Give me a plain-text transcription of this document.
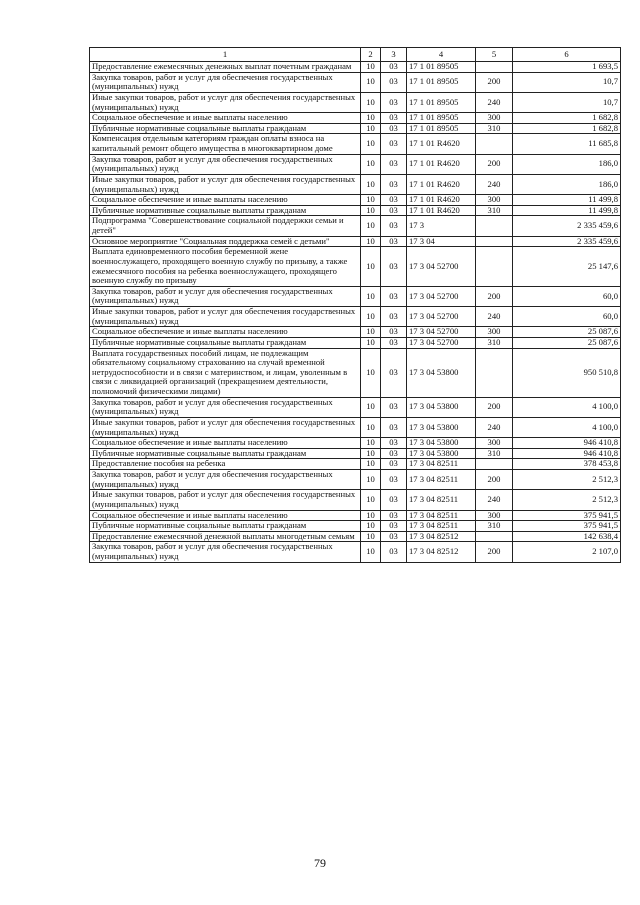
1	2	3	4	5	6
Предоставление ежемесячных денежных выплат почетным гражданам	10	03	17 1 01 89505		1 693,5
Закупка товаров, работ и услуг для обеспечения государственных (муниципальных) нужд	10	03	17 1 01 89505	200	10,7
Иные закупки товаров, работ и услуг для обеспечения государственных (муниципальных) нужд	10	03	17 1 01 89505	240	10,7
Социальное обеспечение и иные выплаты населению	10	03	17 1 01 89505	300	1 682,8
Публичные нормативные социальные выплаты гражданам	10	03	17 1 01 89505	310	1 682,8
Компенсация отдельным категориям граждан оплаты взноса на капитальный ремонт общего имущества в многоквартирном доме	10	03	17 1 01 R4620		11 685,8
Закупка товаров, работ и услуг для обеспечения государственных (муниципальных) нужд	10	03	17 1 01 R4620	200	186,0
Иные закупки товаров, работ и услуг для обеспечения государственных (муниципальных) нужд	10	03	17 1 01 R4620	240	186,0
Социальное обеспечение и иные выплаты населению	10	03	17 1 01 R4620	300	11 499,8
Публичные нормативные социальные выплаты гражданам	10	03	17 1 01 R4620	310	11 499,8
Подпрограмма "Совершенствование социальной поддержки семьи и детей"	10	03	17 3		2 335 459,6
Основное мероприятие "Социальная поддержка семей с детьми"	10	03	17 3 04		2 335 459,6
Выплата единовременного пособия беременной жене военнослужащего, проходящего военную службу по призыву, а также ежемесячного пособия на ребенка военнослужащего, проходящего военную службу по призыву	10	03	17 3 04 52700		25 147,6
Закупка товаров, работ и услуг для обеспечения государственных (муниципальных) нужд	10	03	17 3 04 52700	200	60,0
Иные закупки товаров, работ и услуг для обеспечения государственных (муниципальных) нужд	10	03	17 3 04 52700	240	60,0
Социальное обеспечение и иные выплаты населению	10	03	17 3 04 52700	300	25 087,6
Публичные нормативные социальные выплаты гражданам	10	03	17 3 04 52700	310	25 087,6
Выплата государственных пособий лицам, не подлежащим обязательному социальному страхованию на случай временной нетрудоспособности и в связи с материнством, и лицам, уволенным в связи с ликвидацией организаций (прекращением деятельности, полномочий физическими лицами)	10	03	17 3 04 53800		950 510,8
Закупка товаров, работ и услуг для обеспечения государственных (муниципальных) нужд	10	03	17 3 04 53800	200	4 100,0
Иные закупки товаров, работ и услуг для обеспечения государственных (муниципальных) нужд	10	03	17 3 04 53800	240	4 100,0
Социальное обеспечение и иные выплаты населению	10	03	17 3 04 53800	300	946 410,8
Публичные нормативные социальные выплаты гражданам	10	03	17 3 04 53800	310	946 410,8
Предоставление пособия на ребенка	10	03	17 3 04 82511		378 453,8
Закупка товаров, работ и услуг для обеспечения государственных (муниципальных) нужд	10	03	17 3 04 82511	200	2 512,3
Иные закупки товаров, работ и услуг для обеспечения государственных (муниципальных) нужд	10	03	17 3 04 82511	240	2 512,3
Социальное обеспечение и иные выплаты населению	10	03	17 3 04 82511	300	375 941,5
Публичные нормативные социальные выплаты гражданам	10	03	17 3 04 82511	310	375 941,5
Предоставление ежемесячной денежной выплаты многодетным семьям	10	03	17 3 04 82512		142 638,4
Закупка товаров, работ и услуг для обеспечения государственных (муниципальных) нужд	10	03	17 3 04 82512	200	2 107,0
79
